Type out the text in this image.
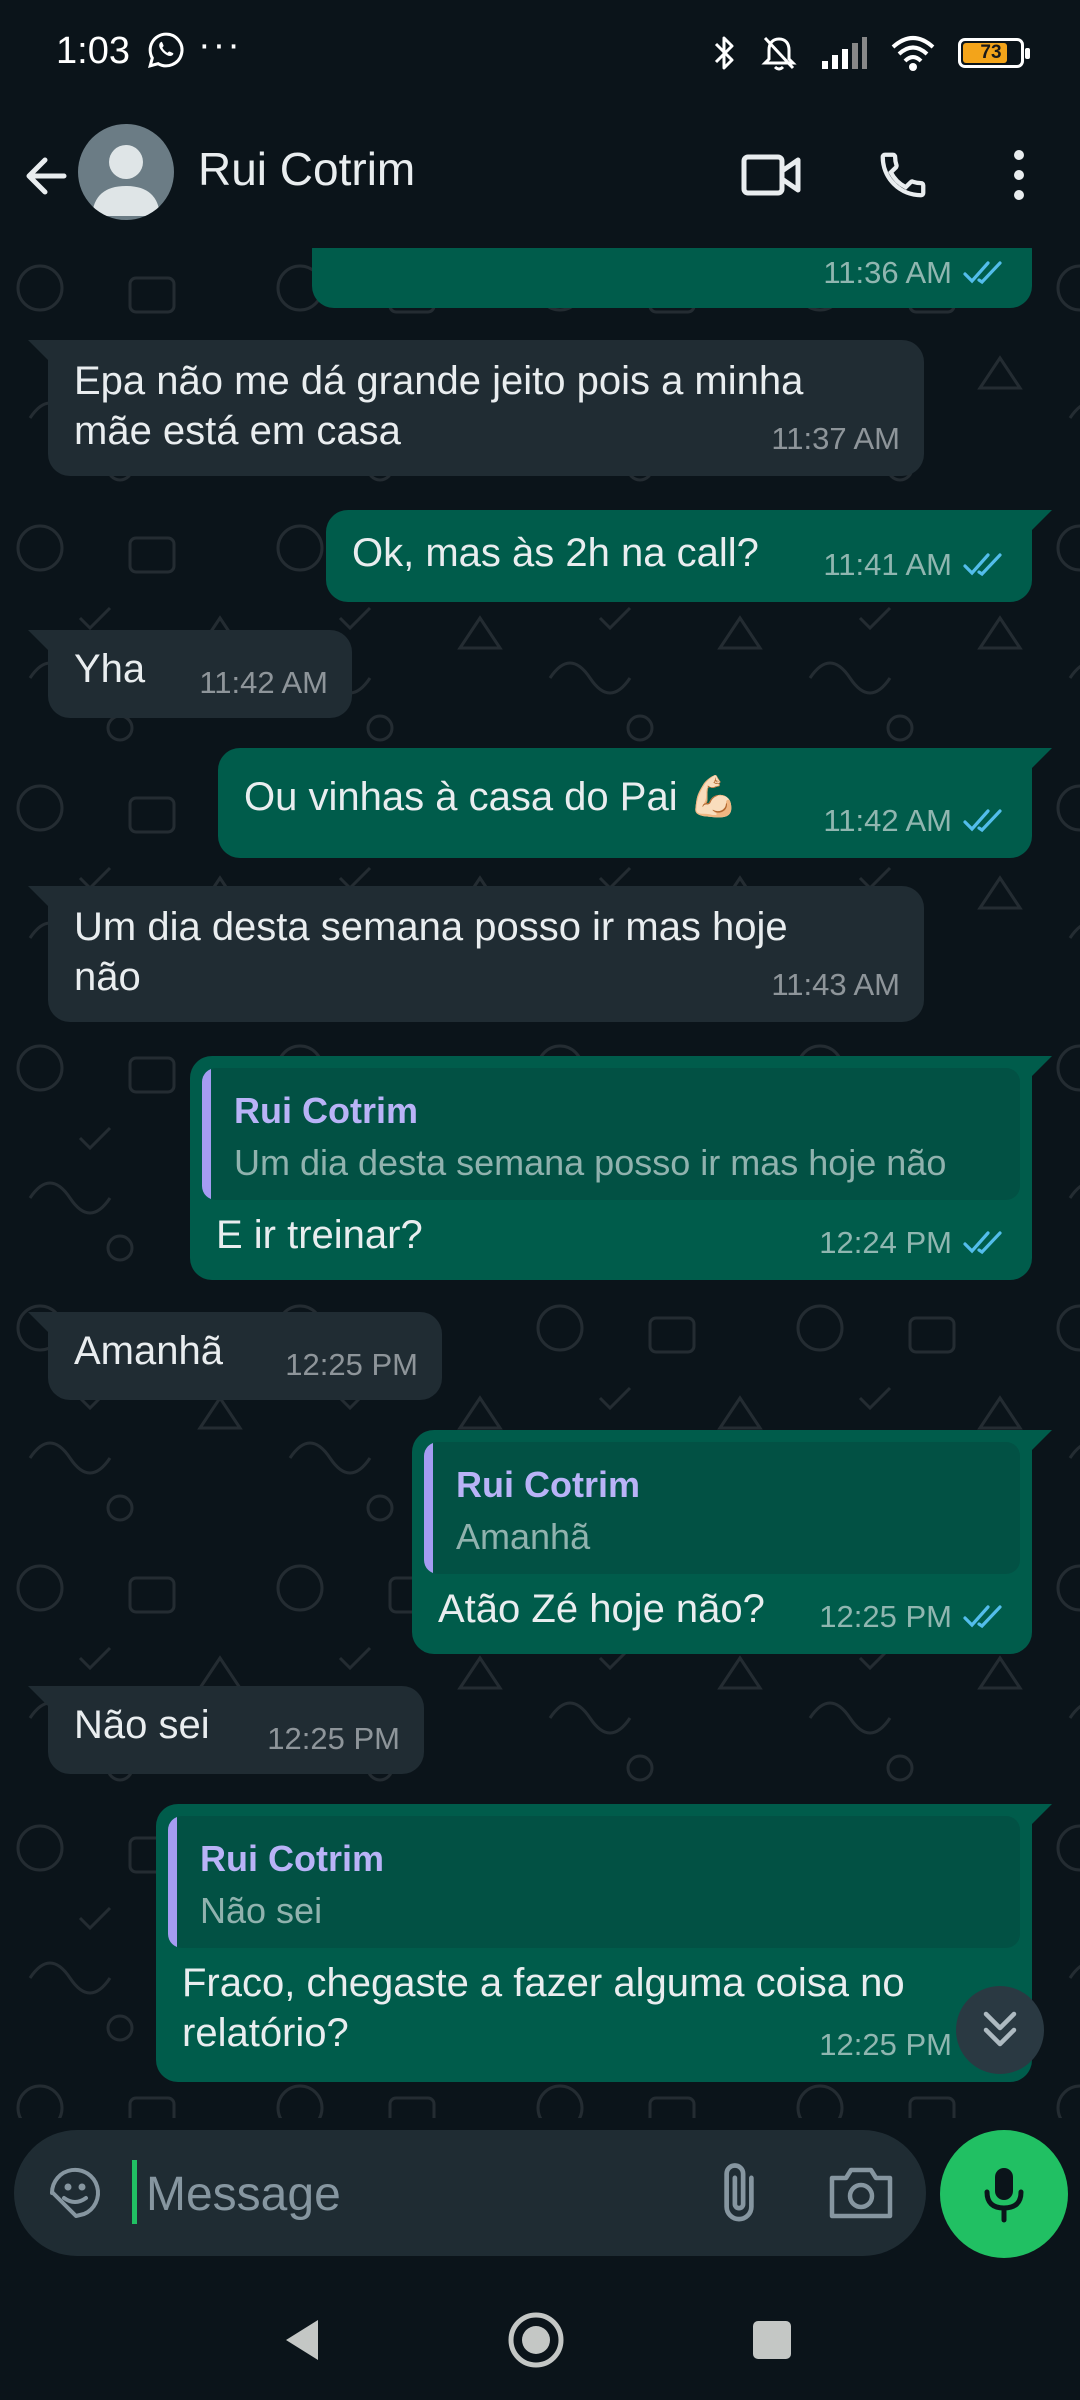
1:03 ···	73
Rui Cotrim
11:36 AM
Epa não me dá grande jeito pois a minha
mãe está em casa	11:37 AM
Ok, mas às 2h na call? 11:41 AM
Yha 11:42 AM
Ou vinhas à casa do Pai 💪🏻
11:42 AM
Um dia desta semana posso ir mas hoje
não	11:43 AM
Rui Cotrim
Um dia desta semana posso ir mas hoje não
E ir treinar?	12:24 PM
Amanhã 12:25 PM
Rui Cotrim
Amanhã
Atão Zé hoje não? 12:25 PM
Não sei 12:25 PM
Rui Cotrim
Não sei
Fraco, chegaste a fazer alguma coisa no
relatório?	12:25 PM
Message
